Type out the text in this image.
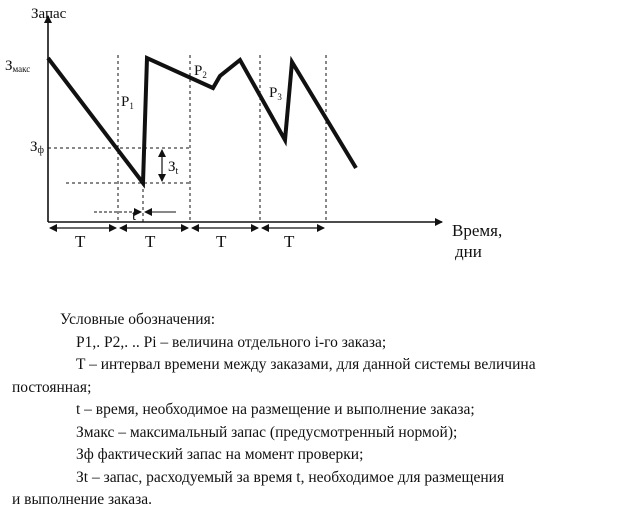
Запас
Время,
дни
Змакс
Зф
$P_1$
$P_2$
$P_3$
$З_t$
t
T	T	T	T
Условные обозначения:
P1,. P2,. .. Pi – величина отдельного i-го заказа;
T – интервал времени между заказами, для данной системы величина
постоянная;
t – время, необходимое на размещение и выполнение заказа;
Змакс – максимальный запас (предусмотренный нормой);
Зф фактический запас на момент проверки;
Зt – запас, расходуемый за время t, необходимое для размещения
и выполнение заказа.
